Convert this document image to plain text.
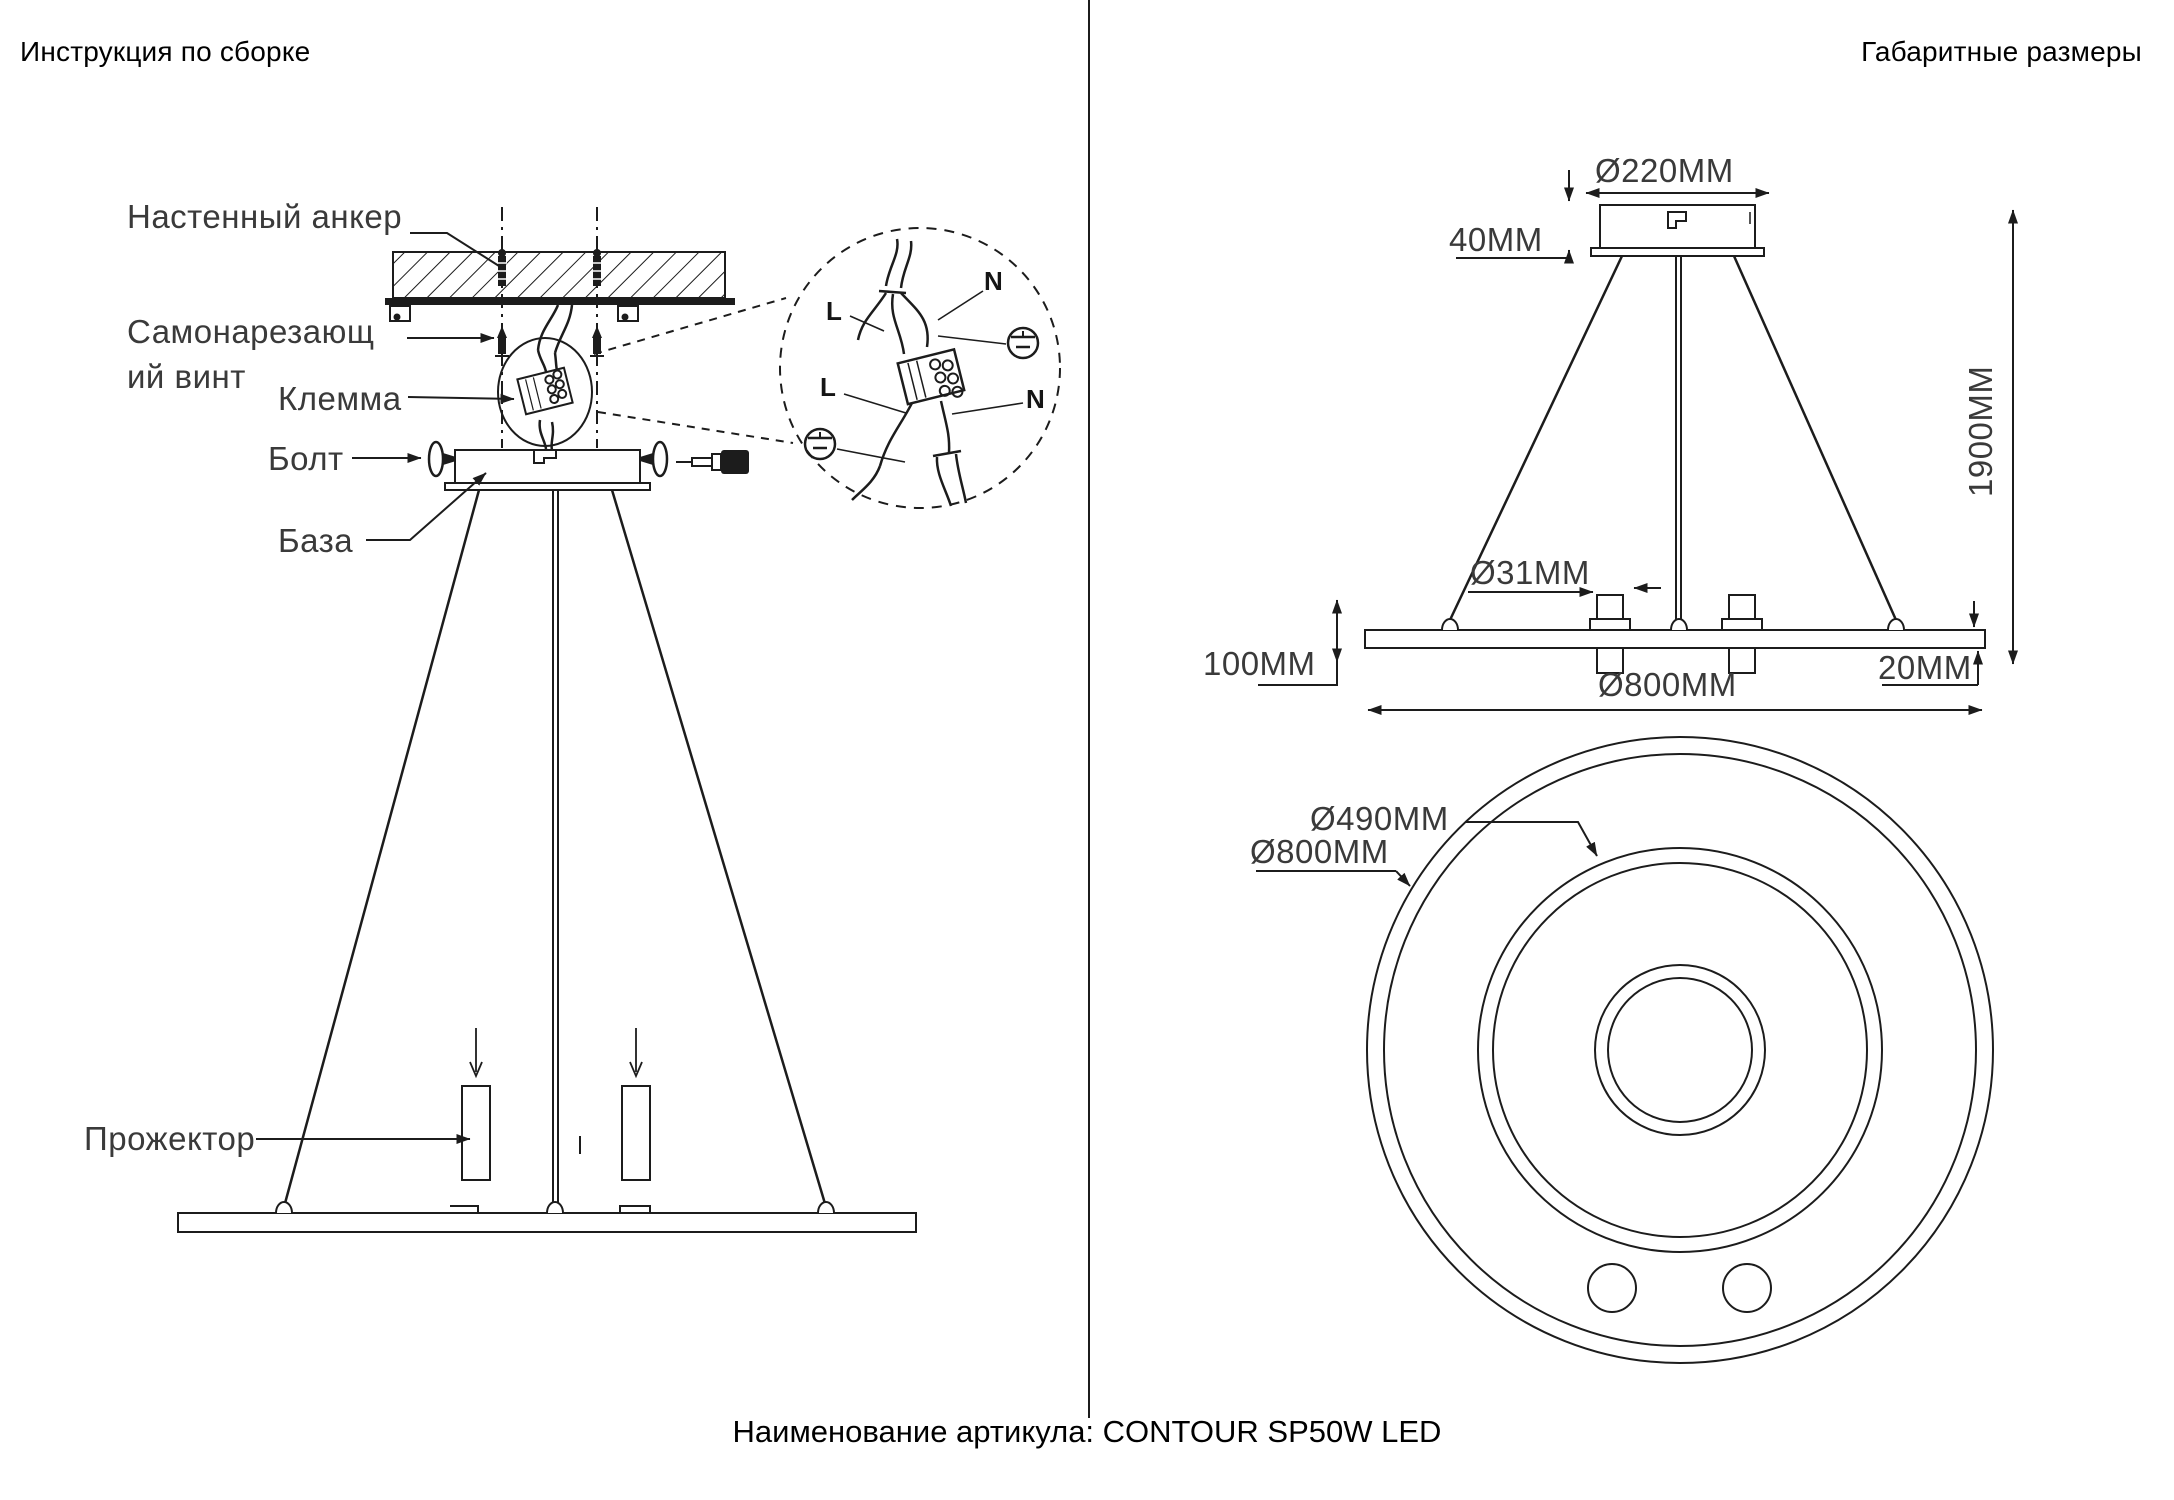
Инструкция по сборке	Габаритные размеры
Настенный анкер
Самонарезающ
ий винт
Клемма
Болт
База
Прожектор
L
N
L	N
Ø220MM
40MM
1900MM
Ø31MM
100MM
Ø800MM	20MM
Ø490MM
Ø800MM
Наименование артикула: CONTOUR SP50W LED
